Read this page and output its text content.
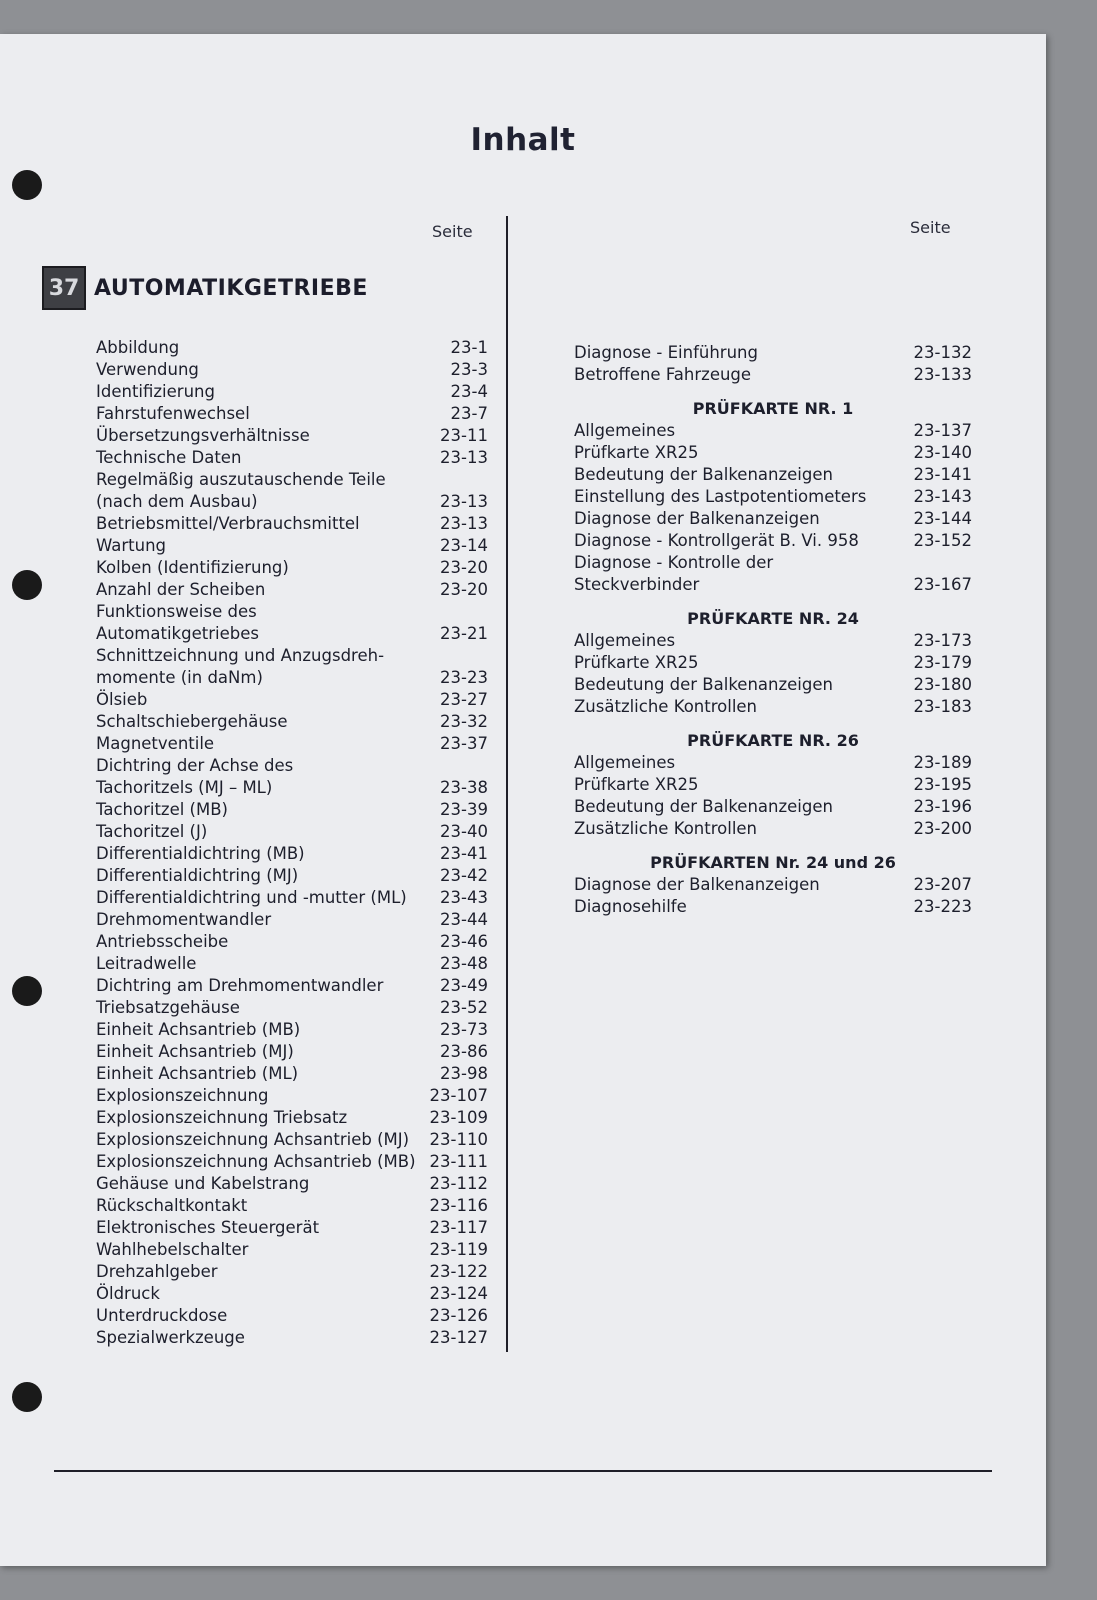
Inhalt
Seite	Seite
37 AUTOMATIKGETRIEBE
Abbildung	23-1
Verwendung	23-3
Identifizierung	23-4
Fahrstufenwechsel	23-7
Übersetzungsverhältnisse	23-11
Technische Daten	23-13
Regelmäßig auszutauschende Teile
(nach dem Ausbau)	23-13
Betriebsmittel/Verbrauchsmittel	23-13
Wartung	23-14
Kolben (Identifizierung)	23-20
Anzahl der Scheiben	23-20
Funktionsweise des
Automatikgetriebes	23-21
Schnittzeichnung und Anzugsdreh-
momente (in daNm)	23-23
Ölsieb	23-27
Schaltschiebergehäuse	23-32
Magnetventile	23-37
Dichtring der Achse des
Tachoritzels (MJ – ML)	23-38
Tachoritzel (MB)	23-39
Tachoritzel (J)	23-40
Differentialdichtring (MB)	23-41
Differentialdichtring (MJ)	23-42
Differentialdichtring und -mutter (ML) 23-43
Drehmomentwandler	23-44
Antriebsscheibe	23-46
Leitradwelle	23-48
Dichtring am Drehmomentwandler	23-49
Triebsatzgehäuse	23-52
Einheit Achsantrieb (MB)	23-73
Einheit Achsantrieb (MJ)	23-86
Einheit Achsantrieb (ML)	23-98
Explosionszeichnung	23-107
Explosionszeichnung Triebsatz	23-109
Explosionszeichnung Achsantrieb (MJ) 23-110
Explosionszeichnung Achsantrieb (MB) 23-111
Gehäuse und Kabelstrang	23-112
Rückschaltkontakt	23-116
Elektronisches Steuergerät	23-117
Wahlhebelschalter	23-119
Drehzahlgeber	23-122
Öldruck	23-124
Unterdruckdose	23-126
Spezialwerkzeuge	23-127
Diagnose - Einführung	23-132
Betroffene Fahrzeuge	23-133
PRÜFKARTE NR. 1
Allgemeines	23-137
Prüfkarte XR25	23-140
Bedeutung der Balkenanzeigen	23-141
Einstellung des Lastpotentiometers	23-143
Diagnose der Balkenanzeigen	23-144
Diagnose - Kontrollgerät B. Vi. 958	23-152
Diagnose - Kontrolle der
Steckverbinder	23-167
PRÜFKARTE NR. 24
Allgemeines	23-173
Prüfkarte XR25	23-179
Bedeutung der Balkenanzeigen	23-180
Zusätzliche Kontrollen	23-183
PRÜFKARTE NR. 26
Allgemeines	23-189
Prüfkarte XR25	23-195
Bedeutung der Balkenanzeigen	23-196
Zusätzliche Kontrollen	23-200
PRÜFKARTEN Nr. 24 und 26
Diagnose der Balkenanzeigen	23-207
Diagnosehilfe	23-223
